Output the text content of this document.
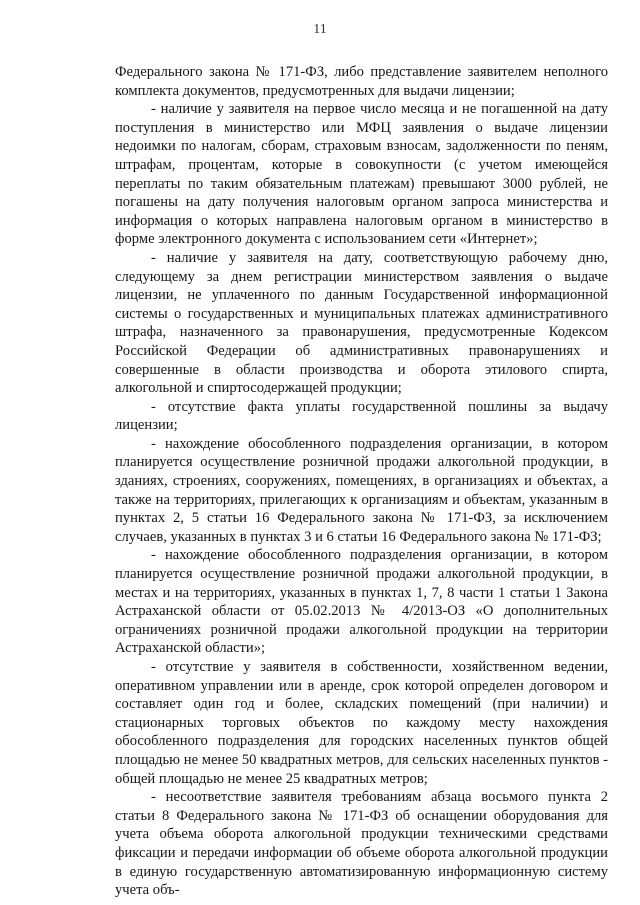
11

Федерального закона № 171-ФЗ, либо представление заявителем неполного комплекта документов, предусмотренных для выдачи лицензии;

- наличие у заявителя на первое число месяца и не погашенной на дату поступления в министерство или МФЦ заявления о выдаче лицензии недоимки по налогам, сборам, страховым взносам, задолженности по пеням, штрафам, процентам, которые в совокупности (с учетом имеющейся переплаты по таким обязательным платежам) превышают 3000 рублей, не погашены на дату получения налоговым органом запроса министерства и информация о которых направлена налоговым органом в министерство в форме электронного документа с использованием сети «Интернет»;

- наличие у заявителя на дату, соответствующую рабочему дню, следующему за днем регистрации министерством заявления о выдаче лицензии, не уплаченного по данным Государственной информационной системы о государственных и муниципальных платежах административного штрафа, назначенного за правонарушения, предусмотренные Кодексом Российской Федерации об административных правонарушениях и совершенные в области производства и оборота этилового спирта, алкогольной и спиртосодержащей продукции;

- отсутствие факта уплаты государственной пошлины за выдачу лицензии;

- нахождение обособленного подразделения организации, в котором планируется осуществление розничной продажи алкогольной продукции, в зданиях, строениях, сооружениях, помещениях, в организациях и объектах, а также на территориях, прилегающих к организациям и объектам, указанным в пунктах 2, 5 статьи 16 Федерального закона № 171-ФЗ, за исключением случаев, указанных в пунктах 3 и 6 статьи 16 Федерального закона № 171-ФЗ;

- нахождение обособленного подразделения организации, в котором планируется осуществление розничной продажи алкогольной продукции, в местах и на территориях, указанных в пунктах 1, 7, 8 части 1 статьи 1 Закона Астраханской области от 05.02.2013 № 4/2013-ОЗ «О дополнительных ограничениях розничной продажи алкогольной продукции на территории Астраханской области»;

- отсутствие у заявителя в собственности, хозяйственном ведении, оперативном управлении или в аренде, срок которой определен договором и составляет один год и более, складских помещений (при наличии) и стационарных торговых объектов по каждому месту нахождения обособленного подразделения для городских населенных пунктов общей площадью не менее 50 квадратных метров, для сельских населенных пунктов - общей площадью не менее 25 квадратных метров;

- несоответствие заявителя требованиям абзаца восьмого пункта 2 статьи 8 Федерального закона № 171-ФЗ об оснащении оборудования для учета объема оборота алкогольной продукции техническими средствами фиксации и передачи информации об объеме оборота алкогольной продукции в единую государственную автоматизированную информационную систему учета объ-
